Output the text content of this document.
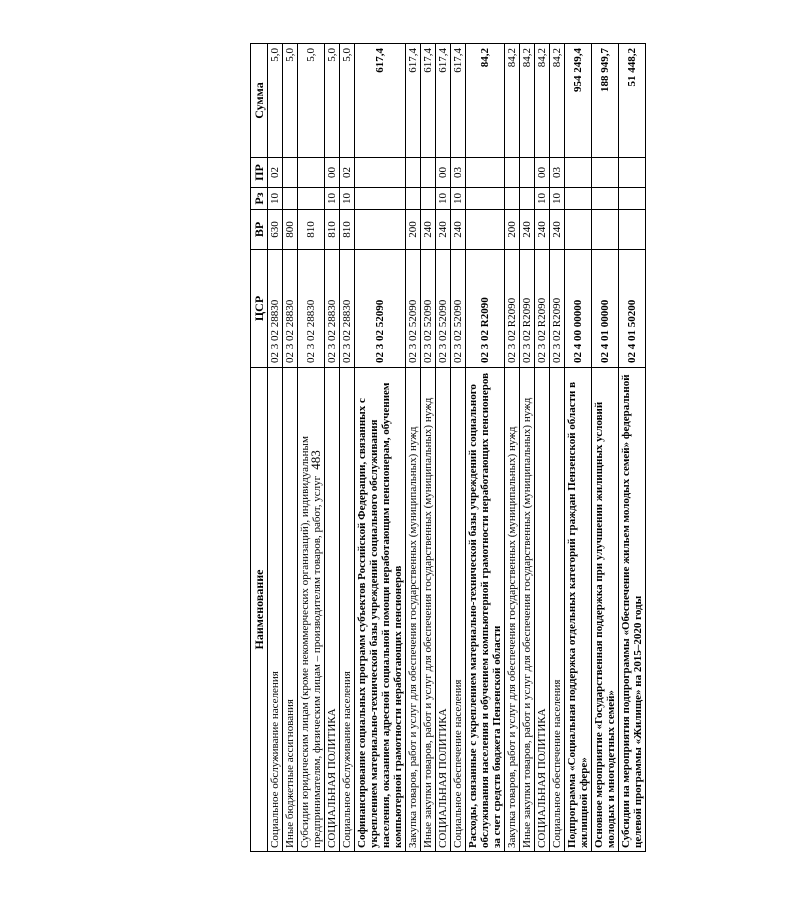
483
Наименование	ЦСР	ВР	Рз	ПР	Сумма
Социальное обслуживание населения	02 3 02 28830	630	10	02	5,0
Иные бюджетные ассигнования	02 3 02 28830	800			5,0
Субсидии юридическим лицам (кроме некоммерческих организаций), индивидуальным предпринимателям, физическим лицам – производителям товаров, работ, услуг	02 3 02 28830	810			5,0
СОЦИАЛЬНАЯ ПОЛИТИКА	02 3 02 28830	810	10	00	5,0
Социальное обслуживание населения	02 3 02 28830	810	10	02	5,0
Софинансирование социальных программ субъектов Российской Федерации, связанных с укреплением материально-технической базы учреждений социального обслуживания населения, оказанием адресной социальной помощи неработающим пенсионерам, обучением компьютерной грамотности неработающих пенсионеров	02 3 02 52090				617,4
Закупка товаров, работ и услуг для обеспечения государственных (муниципальных) нужд	02 3 02 52090	200			617,4
Иные закупки товаров, работ и услуг для обеспечения государственных (муниципальных) нужд	02 3 02 52090	240			617,4
СОЦИАЛЬНАЯ ПОЛИТИКА	02 3 02 52090	240	10	00	617,4
Социальное обеспечение населения	02 3 02 52090	240	10	03	617,4
Расходы, связанные с укреплением материально-технической базы учреждений социального обслуживания населения и обучением компьютерной грамотности неработающих пенсионеров за счет средств бюджета Пензенской области	02 3 02 R2090				84,2
Закупка товаров, работ и услуг для обеспечения государственных (муниципальных) нужд	02 3 02 R2090	200			84,2
Иные закупки товаров, работ и услуг для обеспечения государственных (муниципальных) нужд	02 3 02 R2090	240			84,2
СОЦИАЛЬНАЯ ПОЛИТИКА	02 3 02 R2090	240	10	00	84,2
Социальное обеспечение населения	02 3 02 R2090	240	10	03	84,2
Подпрограмма «Социальная поддержка отдельных категорий граждан Пензенской области в жилищной сфере»	02 4 00 00000				954 249,4
Основное мероприятие «Государственная поддержка при улучшении жилищных условий молодых и многодетных семей»	02 4 01 00000				188 949,7
Субсидии на мероприятия подпрограммы «Обеспечение жильем молодых семей» федеральной целевой программы «Жилище» на 2015–2020 годы	02 4 01 50200				51 448,2
